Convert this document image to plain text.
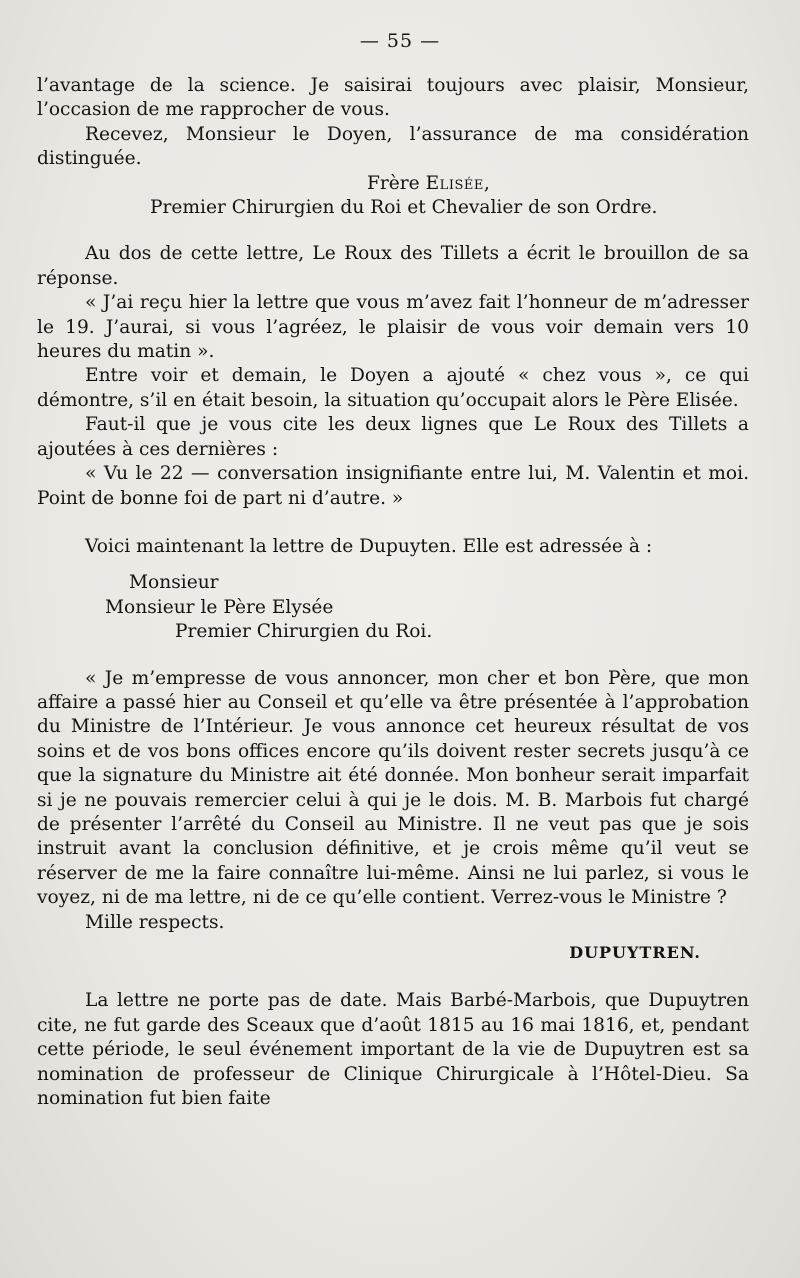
— 55 —

l’avantage de la science. Je saisirai toujours avec plaisir, Monsieur, l’occasion de me rapprocher de vous.

Recevez, Monsieur le Doyen, l’assurance de ma considération distinguée.

Frère Elisée,

Premier Chirurgien du Roi et Chevalier de son Ordre.

Au dos de cette lettre, Le Roux des Tillets a écrit le brouillon de sa réponse.

« J’ai reçu hier la lettre que vous m’avez fait l’honneur de m’adresser le 19. J’aurai, si vous l’agréez, le plaisir de vous voir demain vers 10 heures du matin ».

Entre voir et demain, le Doyen a ajouté « chez vous », ce qui démontre, s’il en était besoin, la situation qu’occupait alors le Père Elisée.

Faut-il que je vous cite les deux lignes que Le Roux des Tillets a ajoutées à ces dernières :

« Vu le 22 — conversation insignifiante entre lui, M. Valentin et moi. Point de bonne foi de part ni d’autre. »

Voici maintenant la lettre de Dupuyten. Elle est adressée à :

Monsieur

Monsieur le Père Elysée

Premier Chirurgien du Roi.

« Je m’empresse de vous annoncer, mon cher et bon Père, que mon affaire a passé hier au Conseil et qu’elle va être présentée à l’approbation du Ministre de l’Intérieur. Je vous annonce cet heureux résultat de vos soins et de vos bons offices encore qu’ils doivent rester secrets jusqu’à ce que la signature du Ministre ait été donnée. Mon bonheur serait imparfait si je ne pouvais remercier celui à qui je le dois. M. B. Marbois fut chargé de présenter l’arrêté du Conseil au Ministre. Il ne veut pas que je sois instruit avant la conclusion définitive, et je crois même qu’il veut se réserver de me la faire connaître lui-même. Ainsi ne lui parlez, si vous le voyez, ni de ma lettre, ni de ce qu’elle contient. Verrez-vous le Ministre ?

Mille respects.

DUPUYTREN.

La lettre ne porte pas de date. Mais Barbé-Marbois, que Dupuytren cite, ne fut garde des Sceaux que d’août 1815 au 16 mai 1816, et, pendant cette période, le seul événement important de la vie de Dupuytren est sa nomination de professeur de Clinique Chirurgicale à l’Hôtel-Dieu. Sa nomination fut bien faite
